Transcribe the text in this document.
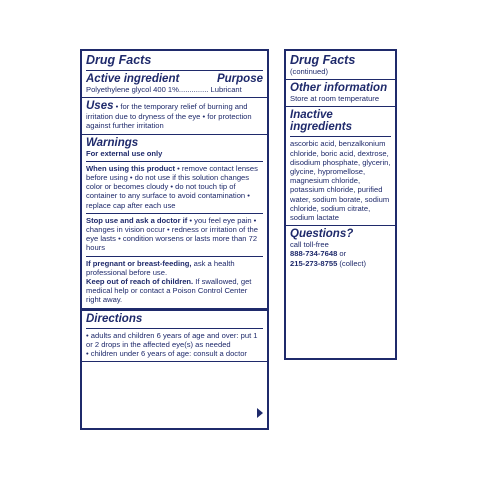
Drug Facts
Active ingredient	Purpose
Polyethylene glycol 400 1%.............. Lubricant
Uses • for the temporary relief of burning and irritation due to dryness of the eye • for protection against further irritation
Warnings
For external use only
When using this product • remove contact lenses before using • do not use if this solution changes color or becomes cloudy • do not touch tip of container to any surface to avoid contamination • replace cap after each use
Stop use and ask a doctor if • you feel eye pain • changes in vision occur • redness or irritation of the eye lasts • condition worsens or lasts more than 72 hours
If pregnant or breast-feeding, ask a health professional before use.
Keep out of reach of children. If swallowed, get medical help or contact a Poison Control Center right away.
Directions
• adults and children 6 years of age and over: put 1 or 2 drops in the affected eye(s) as needed
• children under 6 years of age: consult a doctor
Drug Facts
(continued)
Other information
Store at room temperature
Inactive ingredients
ascorbic acid, benzalkonium chloride, boric acid, dextrose, disodium phosphate, glycerin, glycine, hypromellose, magnesium chloride, potassium chloride, purified water, sodium borate, sodium chloride, sodium citrate, sodium lactate
Questions?
call toll-free
888-734-7648 or
215-273-8755 (collect)
